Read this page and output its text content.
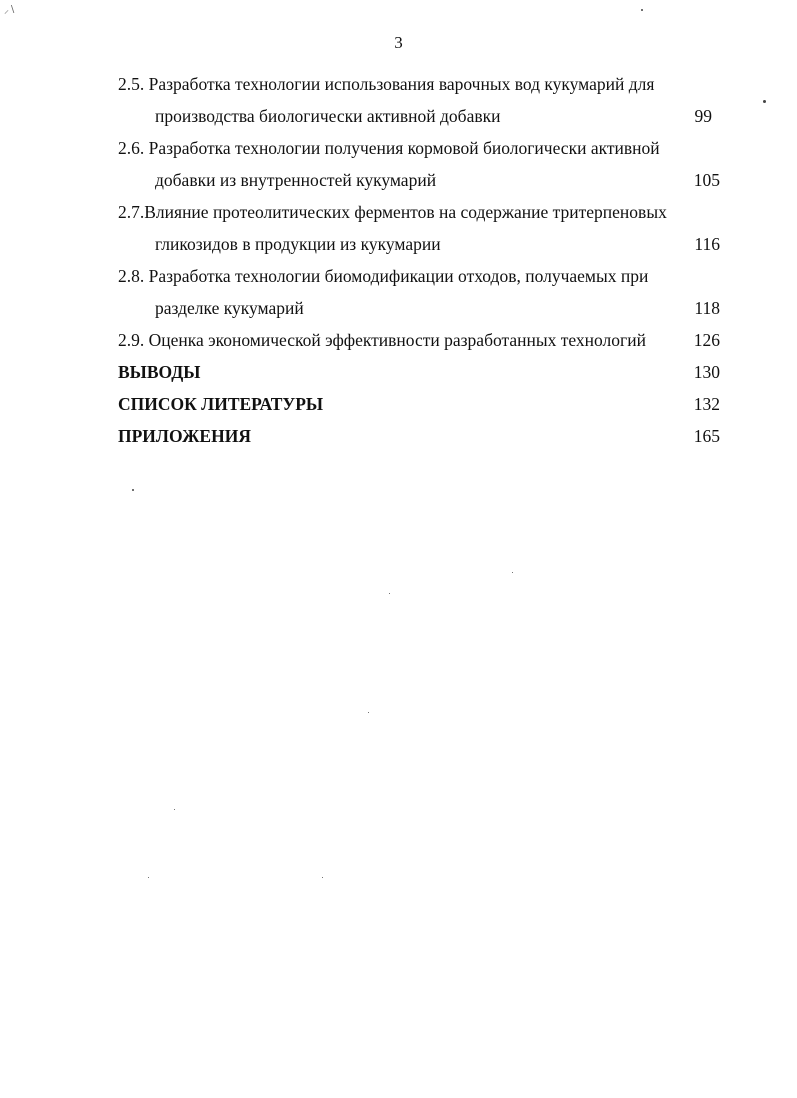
3
2.5. Разработка технологии использования варочных вод кукумарий для
производства биологически активной добавки	99
2.6. Разработка технологии получения кормовой биологически активной
добавки из внутренностей кукумарий	105
2.7.Влияние протеолитических ферментов на содержание тритерпеновых
гликозидов в продукции из кукумарии	116
2.8. Разработка технологии биомодификации отходов, получаемых при
разделке кукумарий	118
2.9. Оценка экономической эффективности разработанных технологий	126
ВЫВОДЫ	130
СПИСОК ЛИТЕРАТУРЫ	132
ПРИЛОЖЕНИЯ	165
⸝∖
